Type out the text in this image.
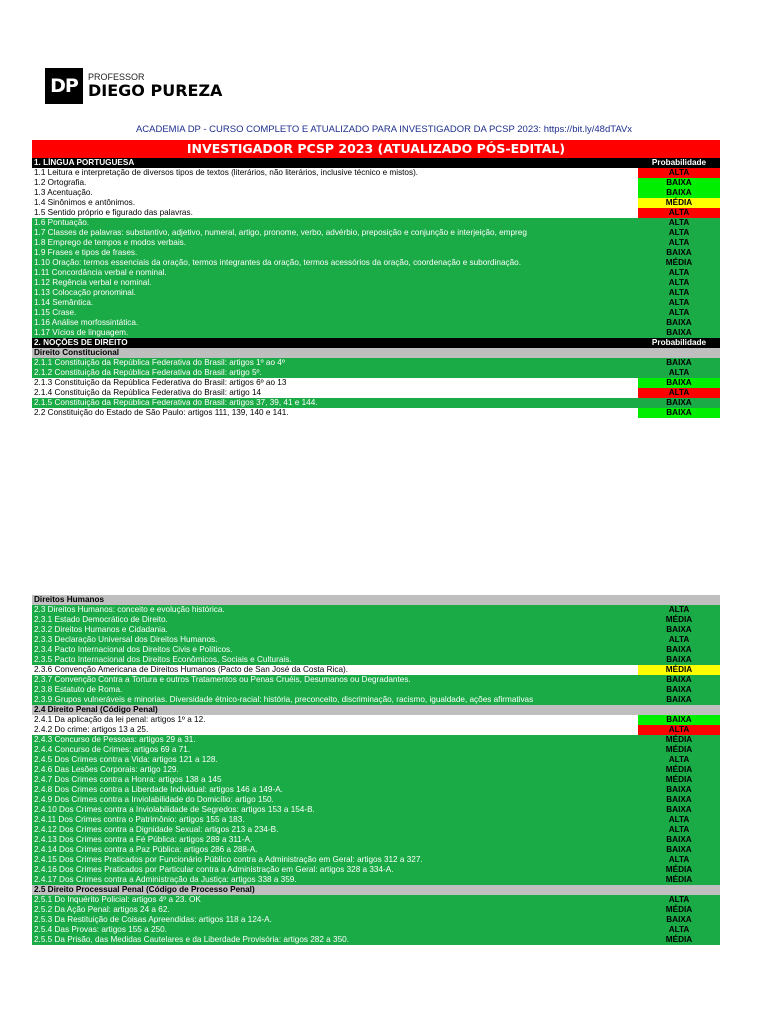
DP	PROFESSOR
DIEGO PUREZA
ACADEMIA DP - CURSO COMPLETO E ATUALIZADO PARA INVESTIGADOR DA PCSP 2023: https://bit.ly/48dTAVx
INVESTIGADOR PCSP 2023 (ATUALIZADO PÓS-EDITAL)
1. LÍNGUA PORTUGUESA	Probabilidade
1.1 Leitura e interpretação de diversos tipos de textos (literários, não literários, inclusive técnico e mistos).	ALTA
1.2 Ortografia.	BAIXA
1.3 Acentuação.	BAIXA
1.4 Sinônimos e antônimos.	MÉDIA
1.5 Sentido próprio e figurado das palavras.	ALTA
1.6 Pontuação.	ALTA
1.7 Classes de palavras: substantivo, adjetivo, numeral, artigo, pronome, verbo, advérbio, preposição e conjunção e interjeição, empreg	ALTA
1.8 Emprego de tempos e modos verbais.	ALTA
1.9 Frases e tipos de frases.	BAIXA
1.10 Oração: termos essenciais da oração, termos integrantes da oração, termos acessórios da oração, coordenação e subordinação.	MÉDIA
1.11 Concordância verbal e nominal.	ALTA
1.12 Regência verbal e nominal.	ALTA
1.13 Colocação pronominal.	ALTA
1.14 Semântica.	ALTA
1.15 Crase.	ALTA
1.16 Análise morfossintática.	BAIXA
1.17 Vícios de linguagem.	BAIXA
2. NOÇÕES DE DIREITO	Probabilidade
Direito Constitucional
2.1.1 Constituição da República Federativa do Brasil: artigos 1º ao 4º	BAIXA
2.1.2 Constituição da República Federativa do Brasil: artigo 5º.	ALTA
2.1.3 Constituição da República Federativa do Brasil: artigos 6º ao 13	BAIXA
2.1.4 Constituição da República Federativa do Brasil: artigo 14	ALTA
2.1.5 Constituição da República Federativa do Brasil: artigos 37, 39, 41 e 144.	BAIXA
2.2 Constituição do Estado de São Paulo: artigos 111, 139, 140 e 141.	BAIXA
Direitos Humanos
2.3 Direitos Humanos: conceito e evolução histórica.	ALTA
2.3.1 Estado Democrático de Direito.	MÉDIA
2.3.2 Direitos Humanos e Cidadania.	BAIXA
2.3.3 Declaração Universal dos Direitos Humanos.	ALTA
2.3.4 Pacto Internacional dos Direitos Civis e Políticos.	BAIXA
2.3.5 Pacto Internacional dos Direitos Econômicos, Sociais e Culturais.	BAIXA
2.3.6 Convenção Americana de Direitos Humanos (Pacto de San José da Costa Rica).	MÉDIA
2.3.7 Convenção Contra a Tortura e outros Tratamentos ou Penas Cruéis, Desumanos ou Degradantes.	BAIXA
2.3.8 Estatuto de Roma.	BAIXA
2.3.9 Grupos vulneráveis e minorias. Diversidade étnico-racial: história, preconceito, discriminação, racismo, igualdade, ações afirmativas	BAIXA
2.4 Direito Penal (Código Penal)
2.4.1 Da aplicação da lei penal: artigos 1º a 12.	BAIXA
2.4.2 Do crime: artigos 13 a 25.	ALTA
2.4.3 Concurso de Pessoas: artigos 29 a 31.	MÉDIA
2.4.4 Concurso de Crimes: artigos 69 a 71.	MÉDIA
2.4.5 Dos Crimes contra a Vida: artigos 121 a 128.	ALTA
2.4.6 Das Lesões Corporais: artigo 129.	MÉDIA
2.4.7 Dos Crimes contra a Honra: artigos 138 a 145	MÉDIA
2.4.8 Dos Crimes contra a Liberdade Individual: artigos 146 a 149-A.	BAIXA
2.4.9 Dos Crimes contra a Inviolabilidade do Domicílio: artigo 150.	BAIXA
2.4.10 Dos Crimes contra a Inviolabilidade de Segredos: artigos 153 a 154-B.	BAIXA
2.4.11 Dos Crimes contra o Patrimônio: artigos 155 a 183.	ALTA
2.4.12 Dos Crimes contra a Dignidade Sexual: artigos 213 a 234-B.	ALTA
2.4.13 Dos Crimes contra a Fé Pública: artigos 289 a 311-A.	BAIXA
2.4.14 Dos Crimes contra a Paz Pública: artigos 286 a 288-A.	BAIXA
2.4.15 Dos Crimes Praticados por Funcionário Público contra a Administração em Geral: artigos 312 a 327.	ALTA
2.4.16 Dos Crimes Praticados por Particular contra a Administração em Geral: artigos 328 a 334-A.	MÉDIA
2.4.17 Dos Crimes contra a Administração da Justiça: artigos 338 a 359.	MÉDIA
2.5 Direito Processual Penal (Código de Processo Penal)
2.5.1 Do Inquérito Policial: artigos 4º a 23. OK	ALTA
2.5.2 Da Ação Penal: artigos 24 a 62.	MÉDIA
2.5.3 Da Restituição de Coisas Apreendidas: artigos 118 a 124-A.	BAIXA
2.5.4 Das Provas: artigos 155 a 250.	ALTA
2.5.5 Da Prisão, das Medidas Cautelares e da Liberdade Provisória: artigos 282 a 350.	MÉDIA
